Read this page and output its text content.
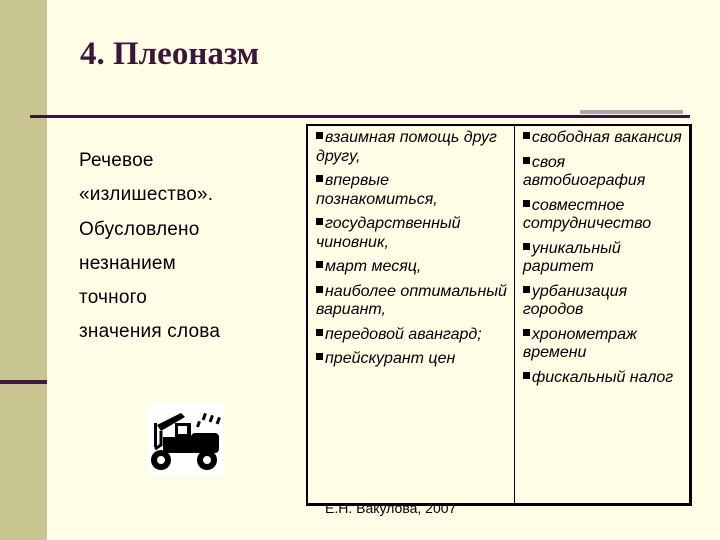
4. Плеоназм
Речевое
«излишество».
Обусловлено
незнанием
точного
значения слова
взаимная помощь друг другу,
впервые познакомиться,
государственный чиновник,
март месяц,
наиболее оптимальный вариант,
передовой авангард;
прейскурант цен
свободная вакансия
своя автобиография
совместное сотрудничество
уникальный раритет
урбанизация городов
хронометраж времени
фискальный налог
Е.Н. Вакулова, 2007
